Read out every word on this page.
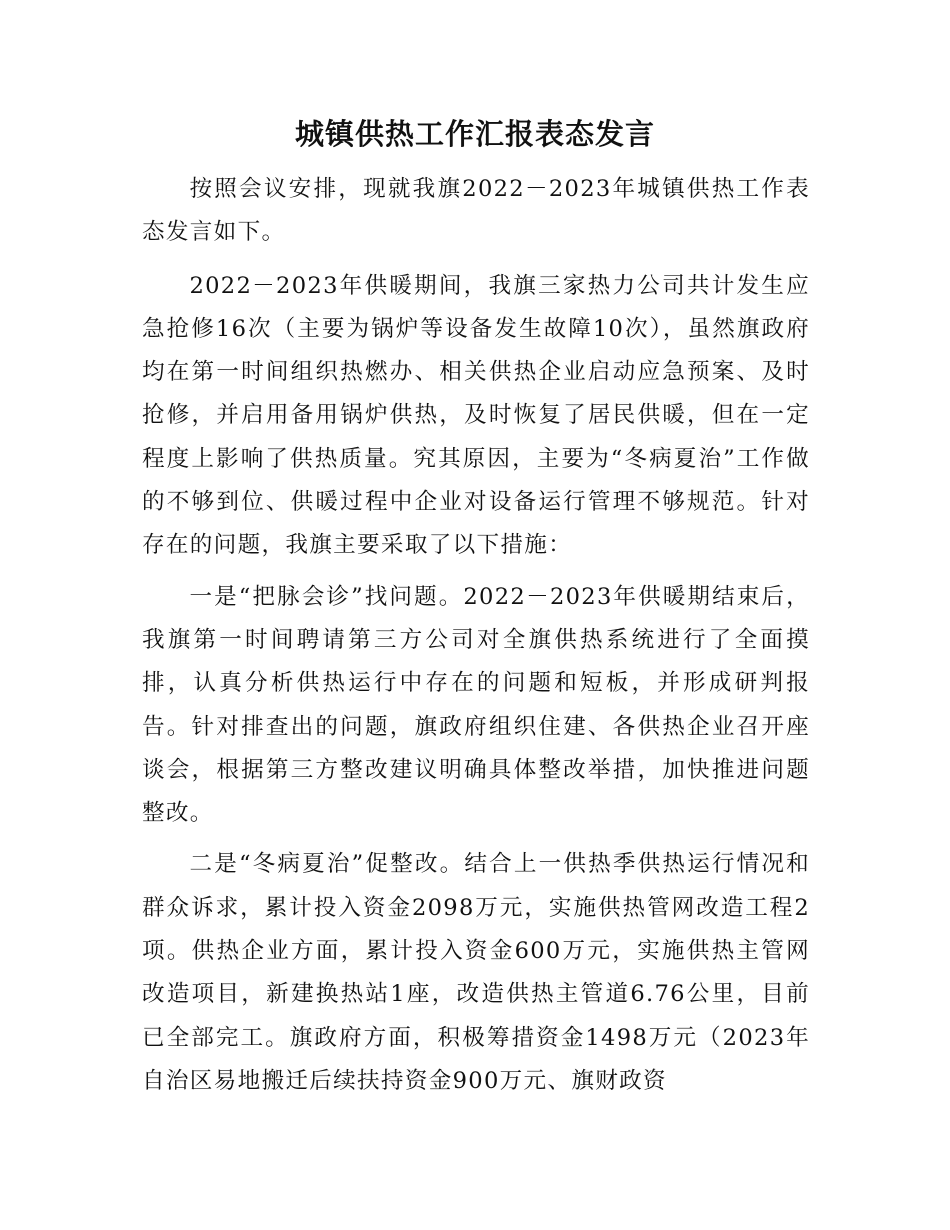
城镇供热工作汇报表态发言

按照会议安排，现就我旗2022－2023年城镇供热工作表态发言如下。

2022－2023年供暖期间，我旗三家热力公司共计发生应急抢修16次（主要为锅炉等设备发生故障10次），虽然旗政府均在第一时间组织热燃办、相关供热企业启动应急预案、及时抢修，并启用备用锅炉供热，及时恢复了居民供暖，但在一定程度上影响了供热质量。究其原因，主要为“冬病夏治”工作做的不够到位、供暖过程中企业对设备运行管理不够规范。针对存在的问题，我旗主要采取了以下措施：

一是“把脉会诊”找问题。2022－2023年供暖期结束后，我旗第一时间聘请第三方公司对全旗供热系统进行了全面摸排，认真分析供热运行中存在的问题和短板，并形成研判报告。针对排查出的问题，旗政府组织住建、各供热企业召开座谈会，根据第三方整改建议明确具体整改举措，加快推进问题整改。

二是“冬病夏治”促整改。结合上一供热季供热运行情况和群众诉求，累计投入资金2098万元，实施供热管网改造工程2项。供热企业方面，累计投入资金600万元，实施供热主管网改造项目，新建换热站1座，改造供热主管道6.76公里，目前已全部完工。旗政府方面，积极筹措资金1498万元（2023年自治区易地搬迁后续扶持资金900万元、旗财政资
